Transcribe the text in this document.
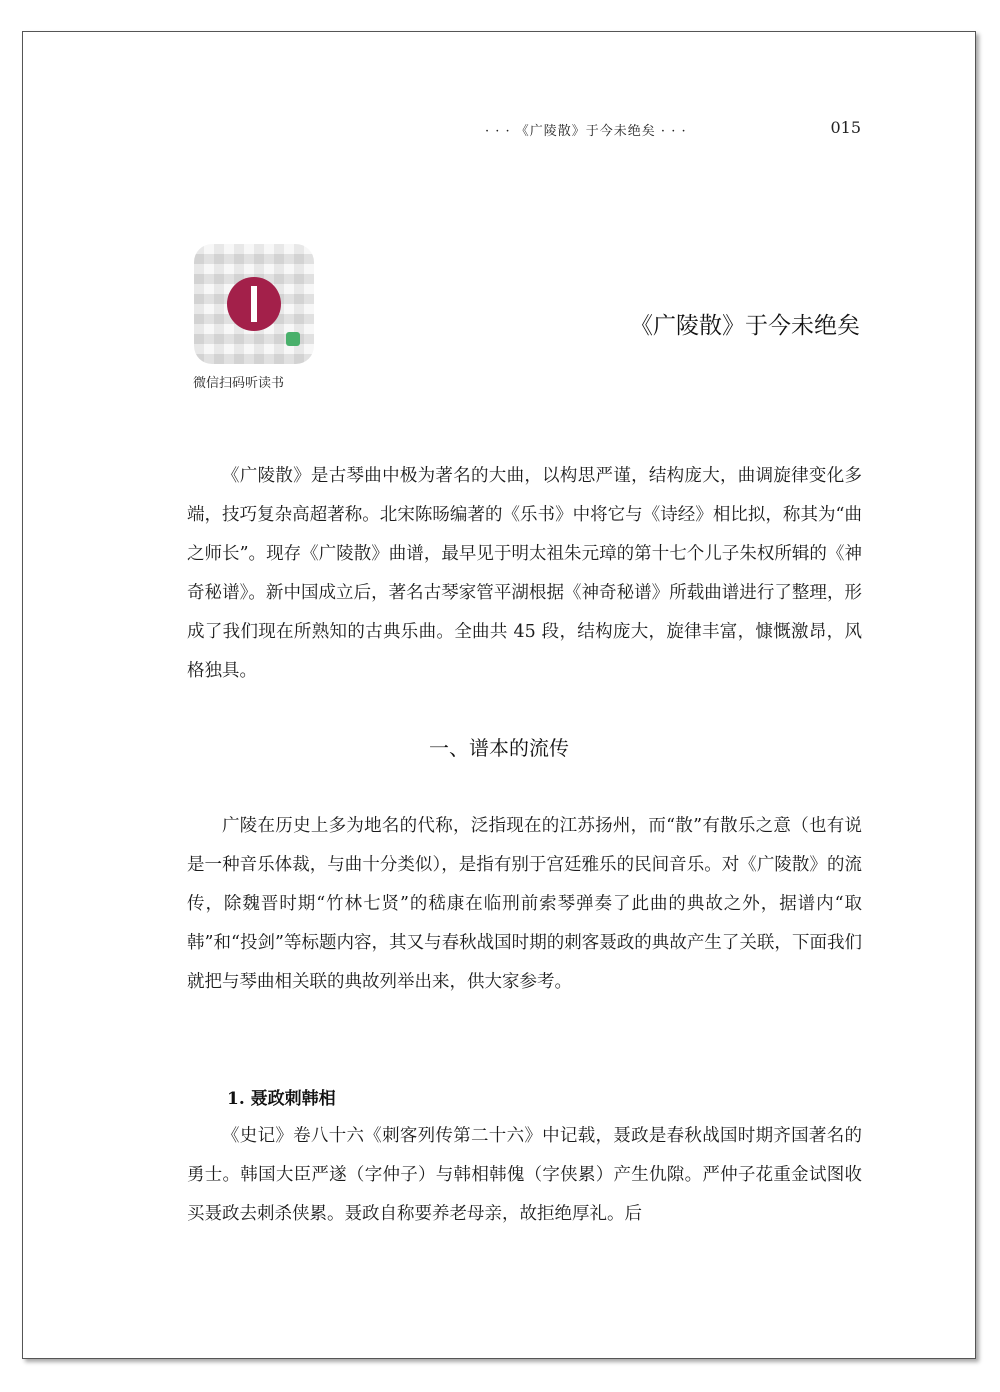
· · · 《广陵散》于今未绝矣 · · ·	015
微信扫码听读书
《广陵散》于今未绝矣
《广陵散》是古琴曲中极为著名的大曲，以构思严谨，结构庞大，曲调旋律变化多端，技巧复杂高超著称。北宋陈旸编著的《乐书》中将它与《诗经》相比拟，称其为“曲之师长”。现存《广陵散》曲谱，最早见于明太祖朱元璋的第十七个儿子朱权所辑的《神奇秘谱》。新中国成立后，著名古琴家管平湖根据《神奇秘谱》所载曲谱进行了整理，形成了我们现在所熟知的古典乐曲。全曲共 45 段，结构庞大，旋律丰富，慷慨激昂，风格独具。
一、谱本的流传
广陵在历史上多为地名的代称，泛指现在的江苏扬州，而“散”有散乐之意（也有说是一种音乐体裁，与曲十分类似），是指有别于宫廷雅乐的民间音乐。对《广陵散》的流传，除魏晋时期“竹林七贤”的嵇康在临刑前索琴弹奏了此曲的典故之外，据谱内“取韩”和“投剑”等标题内容，其又与春秋战国时期的刺客聂政的典故产生了关联，下面我们就把与琴曲相关联的典故列举出来，供大家参考。
1. 聂政刺韩相
《史记》卷八十六《刺客列传第二十六》中记载，聂政是春秋战国时期齐国著名的勇士。韩国大臣严遂（字仲子）与韩相韩傀（字侠累）产生仇隙。严仲子花重金试图收买聂政去刺杀侠累。聂政自称要养老母亲，故拒绝厚礼。后
